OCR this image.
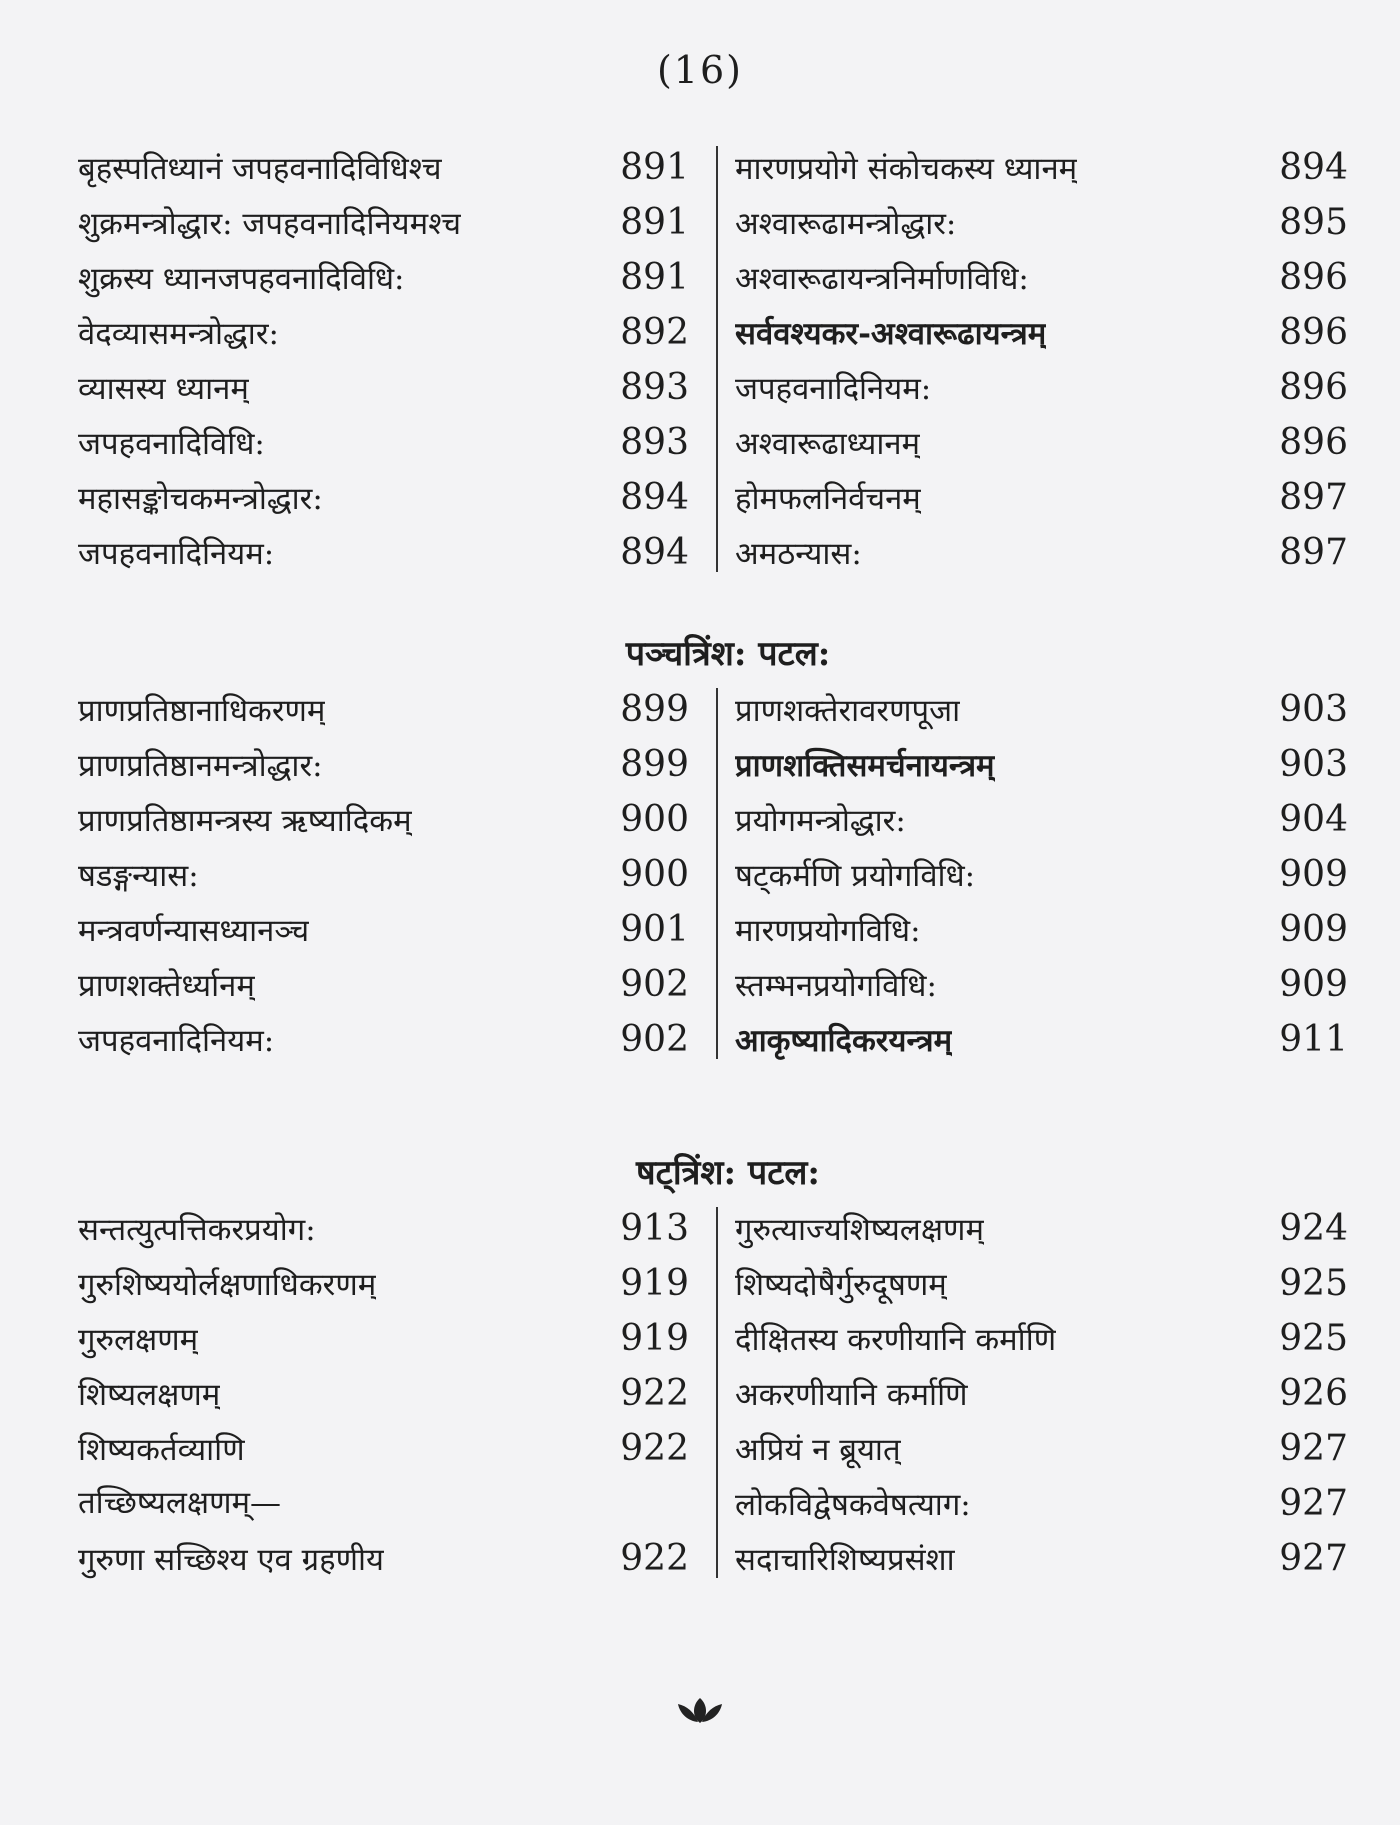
(16)
बृहस्पतिध्यानं जपहवनादिविधिश्च	891
शुक्रमन्त्रोद्धार: जपहवनादिनियमश्च	891
शुक्रस्य ध्यानजपहवनादिविधि:	891
वेदव्यासमन्त्रोद्धार:	892
व्यासस्य ध्यानम्	893
जपहवनादिविधि:	893
महासङ्कोचकमन्त्रोद्धार:	894
जपहवनादिनियम:	894
मारणप्रयोगे संकोचकस्य ध्यानम्	894
अश्वारूढामन्त्रोद्धार:	895
अश्वारूढायन्त्रनिर्माणविधि:	896
सर्ववश्यकर-अश्वारूढायन्त्रम्	896
जपहवनादिनियम:	896
अश्वारूढाध्यानम्	896
होमफलनिर्वचनम्	897
अमठन्यास:	897
पञ्चत्रिंश: पटल:
प्राणप्रतिष्ठानाधिकरणम्	899
प्राणप्रतिष्ठानमन्त्रोद्धार:	899
प्राणप्रतिष्ठामन्त्रस्य ऋष्यादिकम्	900
षडङ्गन्यास:	900
मन्त्रवर्णन्यासध्यानञ्च	901
प्राणशक्तेर्ध्यानम्	902
जपहवनादिनियम:	902
प्राणशक्तेरावरणपूजा	903
प्राणशक्तिसमर्चनायन्त्रम्	903
प्रयोगमन्त्रोद्धार:	904
षट्कर्मणि प्रयोगविधि:	909
मारणप्रयोगविधि:	909
स्तम्भनप्रयोगविधि:	909
आकृष्यादिकरयन्त्रम्	911
षट्त्रिंश: पटल:
सन्तत्युत्पत्तिकरप्रयोग:	913
गुरुशिष्ययोर्लक्षणाधिकरणम्	919
गुरुलक्षणम्	919
शिष्यलक्षणम्	922
शिष्यकर्तव्याणि	922
तच्छिष्यलक्षणम्—
गुरुणा सच्छिश्य एव ग्रहणीय	922
गुरुत्याज्यशिष्यलक्षणम्	924
शिष्यदोषैर्गुरुदूषणम्	925
दीक्षितस्य करणीयानि कर्माणि	925
अकरणीयानि कर्माणि	926
अप्रियं न ब्रूयात्	927
लोकविद्वेषकवेषत्याग:	927
सदाचारिशिष्यप्रसंशा	927
